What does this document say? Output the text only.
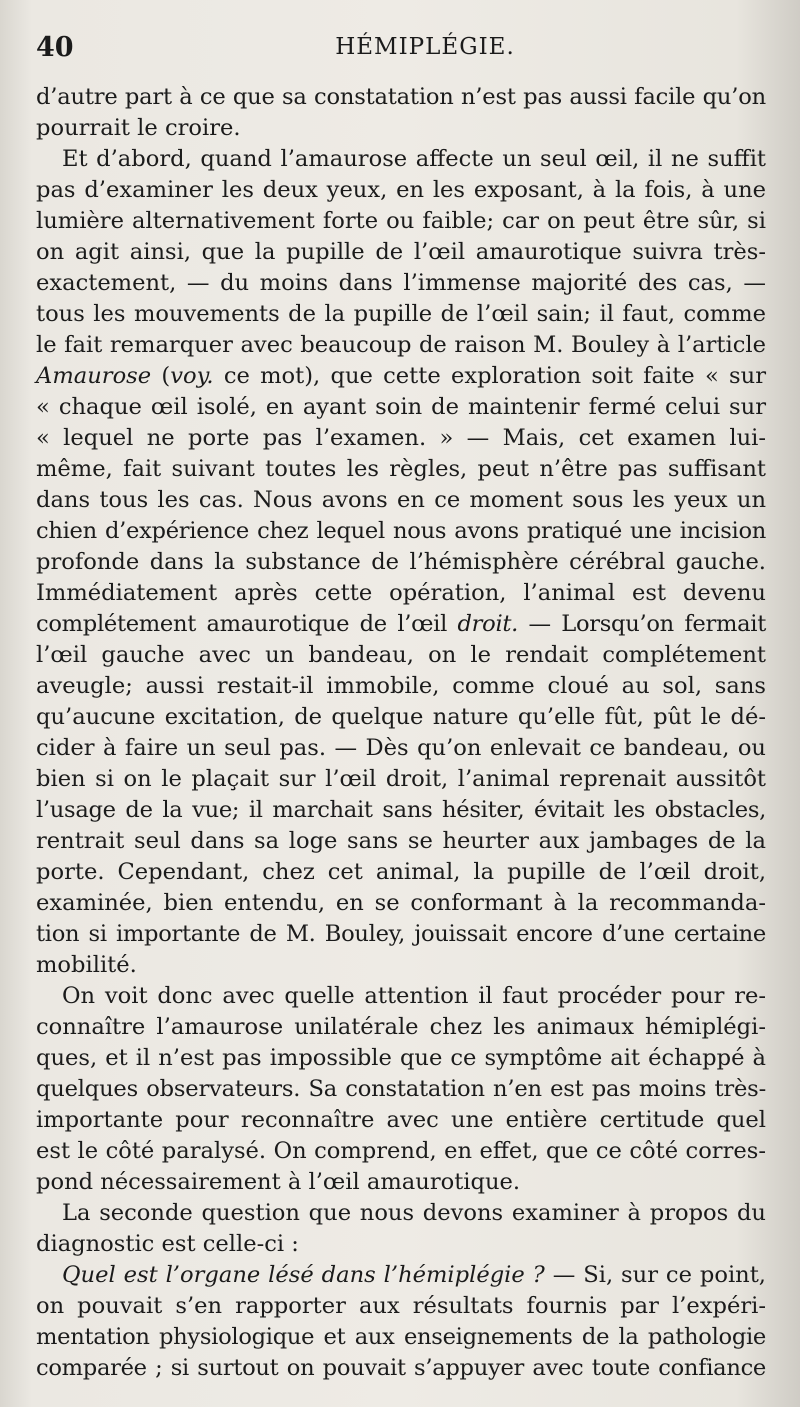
40	HÉMIPLÉGIE.
d’autre part à ce que sa constatation n’est pas aussi facile qu’on
pourrait le croire.
Et d’abord, quand l’amaurose affecte un seul œil, il ne suffit
pas d’examiner les deux yeux, en les exposant, à la fois, à une
lumière alternativement forte ou faible; car on peut être sûr, si
on agit ainsi, que la pupille de l’œil amaurotique suivra très-
exactement, — du moins dans l’immense majorité des cas, —
tous les mouvements de la pupille de l’œil sain; il faut, comme
le fait remarquer avec beaucoup de raison M. Bouley à l’article
Amaurose (voy. ce mot), que cette exploration soit faite « sur
« chaque œil isolé, en ayant soin de maintenir fermé celui sur
« lequel ne porte pas l’examen. » — Mais, cet examen lui-
même, fait suivant toutes les règles, peut n’être pas suffisant
dans tous les cas. Nous avons en ce moment sous les yeux un
chien d’expérience chez lequel nous avons pratiqué une incision
profonde dans la substance de l’hémisphère cérébral gauche.
Immédiatement après cette opération, l’animal est devenu
complétement amaurotique de l’œil droit. — Lorsqu’on fermait
l’œil gauche avec un bandeau, on le rendait complétement
aveugle; aussi restait-il immobile, comme cloué au sol, sans
qu’aucune excitation, de quelque nature qu’elle fût, pût le dé-
cider à faire un seul pas. — Dès qu’on enlevait ce bandeau, ou
bien si on le plaçait sur l’œil droit, l’animal reprenait aussitôt
l’usage de la vue; il marchait sans hésiter, évitait les obstacles,
rentrait seul dans sa loge sans se heurter aux jambages de la
porte. Cependant, chez cet animal, la pupille de l’œil droit,
examinée, bien entendu, en se conformant à la recommanda-
tion si importante de M. Bouley, jouissait encore d’une certaine
mobilité.
On voit donc avec quelle attention il faut procéder pour re-
connaître l’amaurose unilatérale chez les animaux hémiplégi-
ques, et il n’est pas impossible que ce symptôme ait échappé à
quelques observateurs. Sa constatation n’en est pas moins très-
importante pour reconnaître avec une entière certitude quel
est le côté paralysé. On comprend, en effet, que ce côté corres-
pond nécessairement à l’œil amaurotique.
La seconde question que nous devons examiner à propos du
diagnostic est celle-ci :
Quel est l’organe lésé dans l’hémiplégie ? — Si, sur ce point,
on pouvait s’en rapporter aux résultats fournis par l’expéri-
mentation physiologique et aux enseignements de la pathologie
comparée ; si surtout on pouvait s’appuyer avec toute confiance
